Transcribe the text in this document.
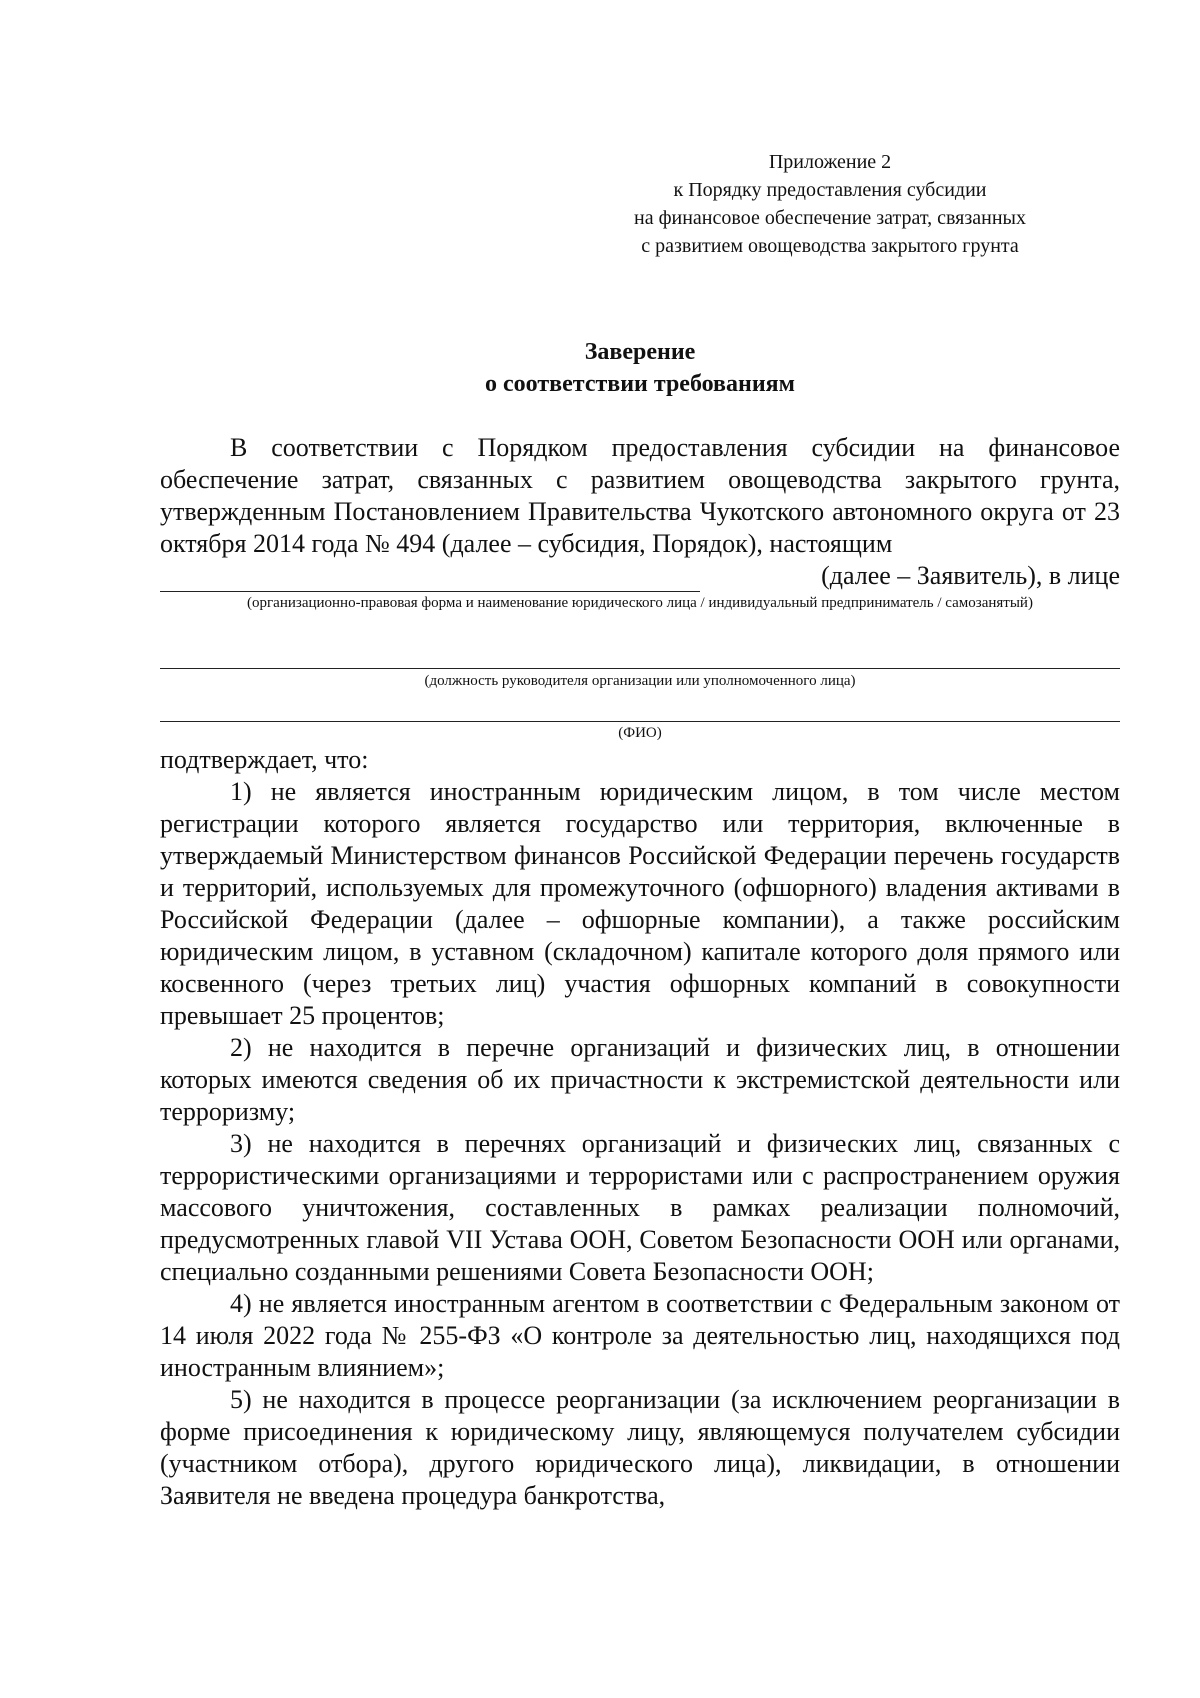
Приложение 2
к Порядку предоставления субсидии
на финансовое обеспечение затрат, связанных
с развитием овощеводства закрытого грунта
Заверение
о соответствии требованиям

В соответствии с Порядком предоставления субсидии на финансовое обеспечение затрат, связанных с развитием овощеводства закрытого грунта, утвержденным Постановлением Правительства Чукотского автономного округа от 23 октября 2014 года № 494 (далее – субсидия, Порядок), настоящим

(далее – Заявитель), в лице
(организационно-правовая форма и наименование юридического лица / индивидуальный предприниматель / самозанятый)
(должность руководителя организации или уполномоченного лица)
(ФИО)

подтверждает, что:

1) не является иностранным юридическим лицом, в том числе местом регистрации которого является государство или территория, включенные в утверждаемый Министерством финансов Российской Федерации перечень государств и территорий, используемых для промежуточного (офшорного) владения активами в Российской Федерации (далее – офшорные компании), а также российским юридическим лицом, в уставном (складочном) капитале которого доля прямого или косвенного (через третьих лиц) участия офшорных компаний в совокупности превышает 25 процентов;

2) не находится в перечне организаций и физических лиц, в отношении которых имеются сведения об их причастности к экстремистской деятельности или терроризму;

3) не находится в перечнях организаций и физических лиц, связанных с террористическими организациями и террористами или с распространением оружия массового уничтожения, составленных в рамках реализации полномочий, предусмотренных главой VII Устава ООН, Советом Безопасности ООН или органами, специально созданными решениями Совета Безопасности ООН;

4) не является иностранным агентом в соответствии с Федеральным законом от 14 июля 2022 года № 255-ФЗ «О контроле за деятельностью лиц, находящихся под иностранным влиянием»;

5) не находится в процессе реорганизации (за исключением реорганизации в форме присоединения к юридическому лицу, являющемуся получателем субсидии (участником отбора), другого юридического лица), ликвидации, в отношении Заявителя не введена процедура банкротства,
